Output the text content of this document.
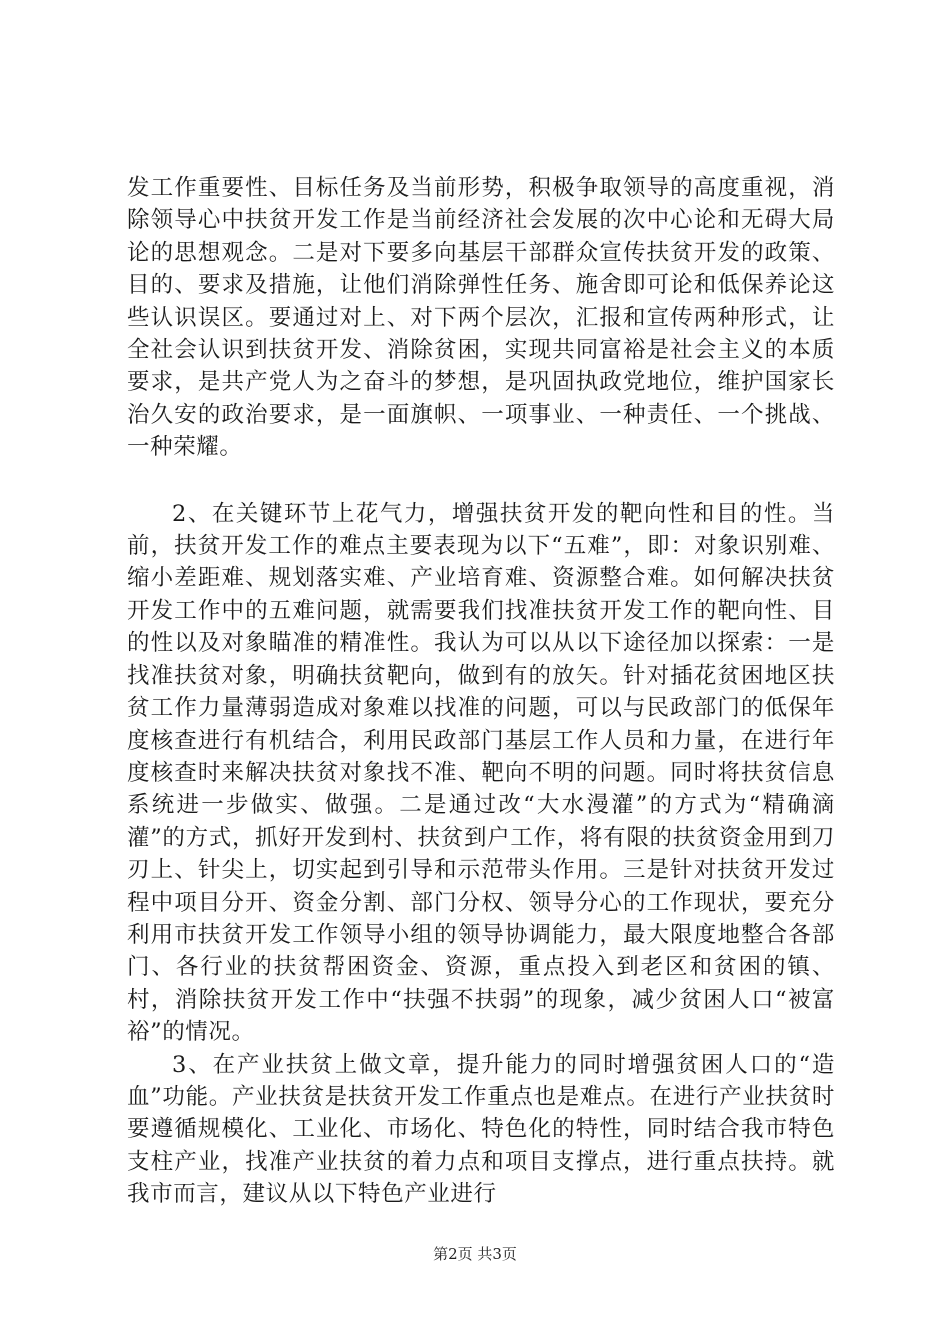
发工作重要性、目标任务及当前形势，积极争取领导的高度重视，消除领导心中扶贫开发工作是当前经济社会发展的次中心论和无碍大局论的思想观念。二是对下要多向基层干部群众宣传扶贫开发的政策、目的、要求及措施，让他们消除弹性任务、施舍即可论和低保养论这些认识误区。要通过对上、对下两个层次，汇报和宣传两种形式，让全社会认识到扶贫开发、消除贫困，实现共同富裕是社会主义的本质要求，是共产党人为之奋斗的梦想，是巩固执政党地位，维护国家长治久安的政治要求，是一面旗帜、一项事业、一种责任、一个挑战、一种荣耀。

2、在关键环节上花气力，增强扶贫开发的靶向性和目的性。当前，扶贫开发工作的难点主要表现为以下“五难”，即：对象识别难、缩小差距难、规划落实难、产业培育难、资源整合难。如何解决扶贫开发工作中的五难问题，就需要我们找准扶贫开发工作的靶向性、目的性以及对象瞄准的精准性。我认为可以从以下途径加以探索：一是找准扶贫对象，明确扶贫靶向，做到有的放矢。针对插花贫困地区扶贫工作力量薄弱造成对象难以找准的问题，可以与民政部门的低保年度核查进行有机结合，利用民政部门基层工作人员和力量，在进行年度核查时来解决扶贫对象找不准、靶向不明的问题。同时将扶贫信息系统进一步做实、做强。二是通过改“大水漫灌”的方式为“精确滴灌”的方式，抓好开发到村、扶贫到户工作，将有限的扶贫资金用到刀刃上、针尖上，切实起到引导和示范带头作用。三是针对扶贫开发过程中项目分开、资金分割、部门分权、领导分心的工作现状，要充分利用市扶贫开发工作领导小组的领导协调能力，最大限度地整合各部门、各行业的扶贫帮困资金、资源，重点投入到老区和贫困的镇、村，消除扶贫开发工作中“扶强不扶弱”的现象，减少贫困人口“被富裕”的情况。

3、在产业扶贫上做文章，提升能力的同时增强贫困人口的“造血”功能。产业扶贫是扶贫开发工作重点也是难点。在进行产业扶贫时要遵循规模化、工业化、市场化、特色化的特性，同时结合我市特色支柱产业，找准产业扶贫的着力点和项目支撑点，进行重点扶持。就我市而言，建议从以下特色产业进行

第2页 共3页
